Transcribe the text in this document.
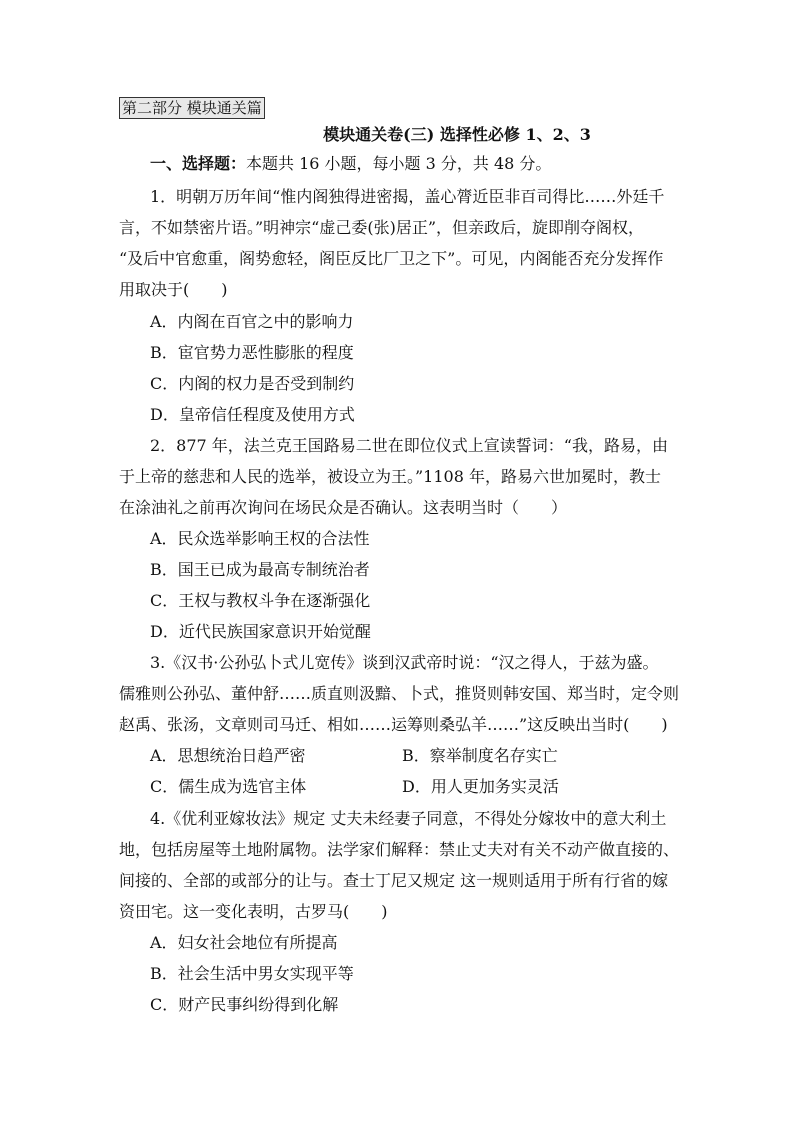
第二部分 模块通关篇
模块通关卷(三) 选择性必修 1、2、3
一、选择题：本题共 16 小题，每小题 3 分，共 48 分。
1．明朝万历年间“惟内阁独得进密揭，盖心膂近臣非百司得比……外廷千
言，不如禁密片语。”明神宗“虚己委(张)居正”，但亲政后，旋即削夺阁权，
“及后中官愈重，阁势愈轻，阁臣反比厂卫之下”。可见，内阁能否充分发挥作
用取决于(　　)
A．内阁在百官之中的影响力
B．宦官势力恶性膨胀的程度
C．内阁的权力是否受到制约
D．皇帝信任程度及使用方式
2．877 年，法兰克王国路易二世在即位仪式上宣读誓词：“我，路易，由
于上帝的慈悲和人民的选举，被设立为王。”1108 年，路易六世加冕时，教士
在涂油礼之前再次询问在场民众是否确认。这表明当时（　　）
A．民众选举影响王权的合法性
B．国王已成为最高专制统治者
C．王权与教权斗争在逐渐强化
D．近代民族国家意识开始觉醒
3.《汉书·公孙弘卜式儿宽传》谈到汉武帝时说：“汉之得人，于兹为盛。
儒雅则公孙弘、董仲舒……质直则汲黯、卜式，推贤则韩安国、郑当时，定令则
赵禹、张汤，文章则司马迁、相如……运筹则桑弘羊……”这反映出当时(　　)
A．思想统治日趋严密	B．察举制度名存实亡
C．儒生成为选官主体	D．用人更加务实灵活
4.《优利亚嫁妆法》规定 丈夫未经妻子同意，不得处分嫁妆中的意大利土
地，包括房屋等土地附属物。法学家们解释：禁止丈夫对有关不动产做直接的、
间接的、全部的或部分的让与。查士丁尼又规定 这一规则适用于所有行省的嫁
资田宅。这一变化表明，古罗马(　　)
A．妇女社会地位有所提高
B．社会生活中男女实现平等
C．财产民事纠纷得到化解
